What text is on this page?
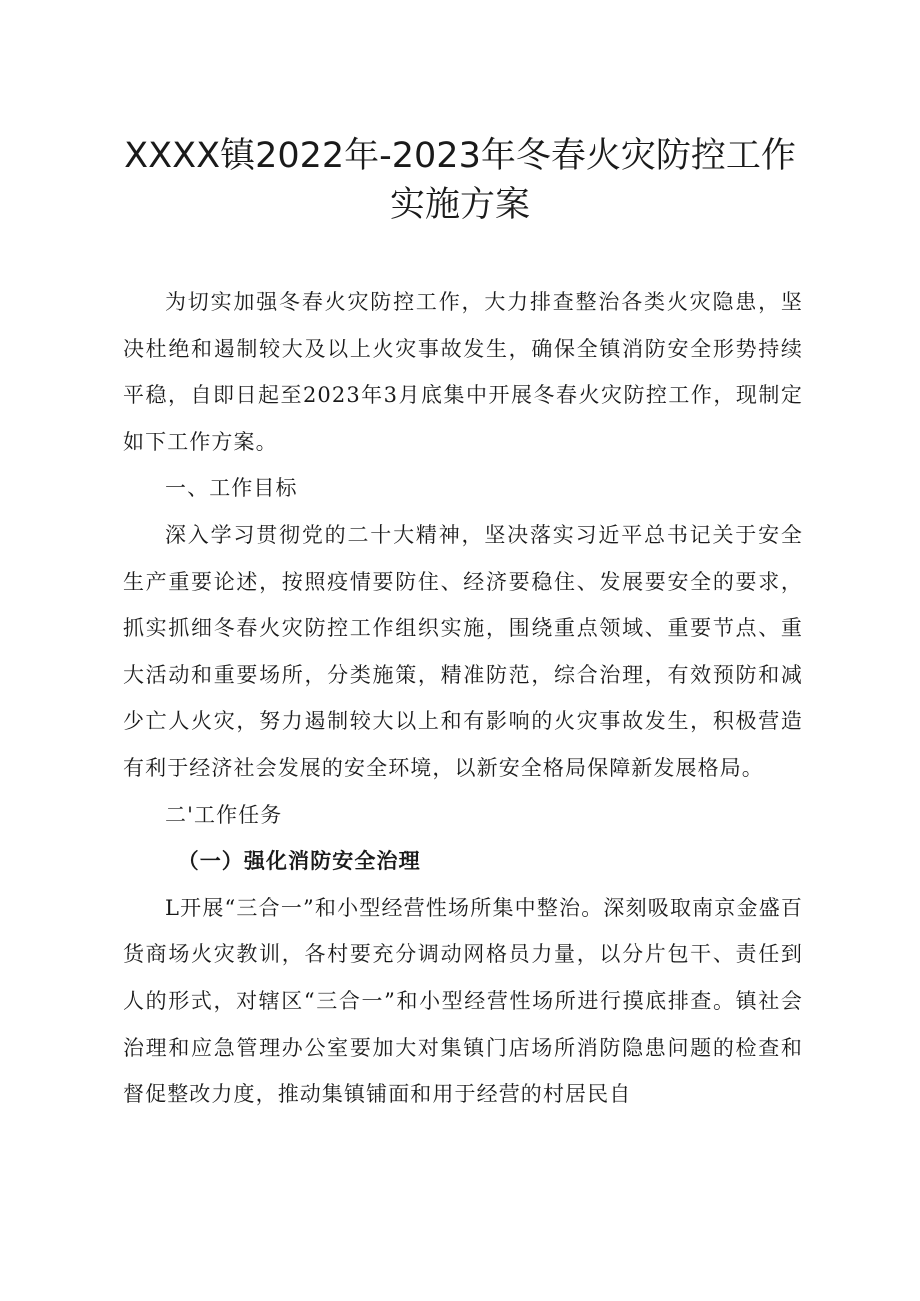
XXXX镇2022年-2023年冬春火灾防控工作
实施方案

为切实加强冬春火灾防控工作，大力排查整治各类火灾隐患，坚决杜绝和遏制较大及以上火灾事故发生，确保全镇消防安全形势持续平稳，自即日起至2023年3月底集中开展冬春火灾防控工作，现制定如下工作方案。

一、工作目标

深入学习贯彻党的二十大精神，坚决落实习近平总书记关于安全生产重要论述，按照疫情要防住、经济要稳住、发展要安全的要求，抓实抓细冬春火灾防控工作组织实施，围绕重点领域、重要节点、重大活动和重要场所，分类施策，精准防范，综合治理，有效预防和减少亡人火灾，努力遏制较大以上和有影响的火灾事故发生，积极营造有利于经济社会发展的安全环境，以新安全格局保障新发展格局。

二'工作任务

（一）强化消防安全治理

L开展“三合一”和小型经营性场所集中整治。深刻吸取南京金盛百货商场火灾教训，各村要充分调动网格员力量，以分片包干、责任到人的形式，对辖区“三合一”和小型经营性场所进行摸底排查。镇社会治理和应急管理办公室要加大对集镇门店场所消防隐患问题的检查和督促整改力度，推动集镇铺面和用于经营的村居民自
